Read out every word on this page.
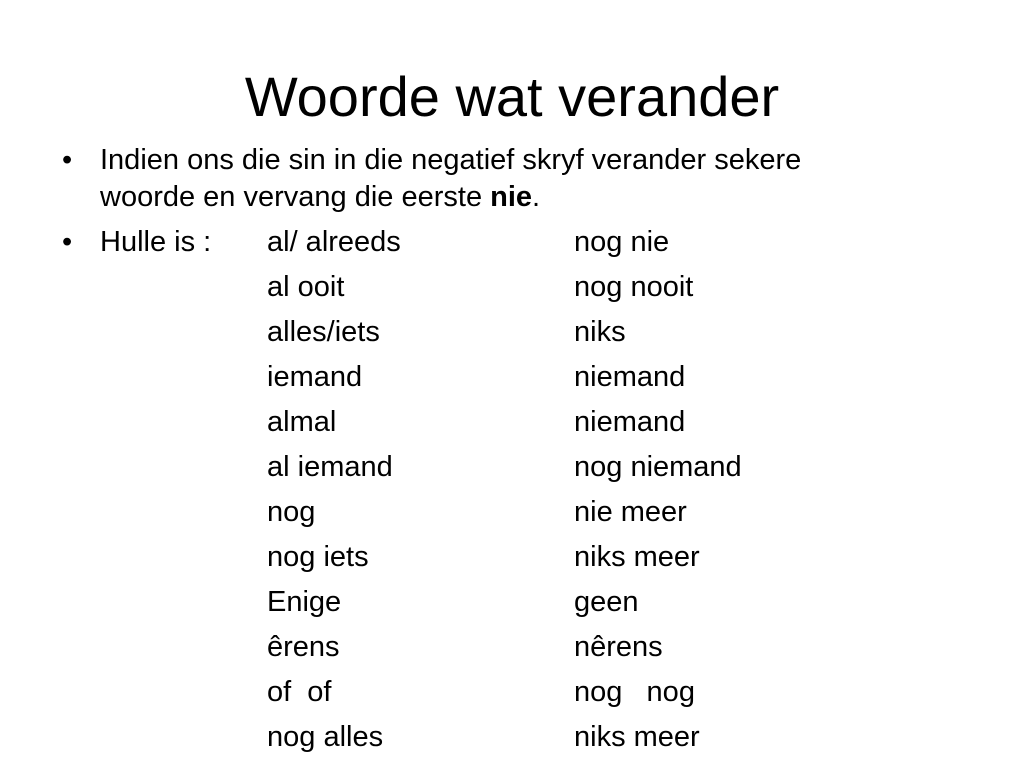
Woorde wat verander
• Indien ons die sin in die negatief skryf verander sekere
woorde en vervang die eerste nie.
• Hulle is : al/ alreeds	nog nie
al ooit	nog nooit
alles/iets	niks
iemand	niemand
almal	niemand
al iemand	nog niemand
nog	nie meer
nog iets	niks meer
Enige	geen
êrens	nêrens
of  of	nog   nog
nog alles	niks meer
